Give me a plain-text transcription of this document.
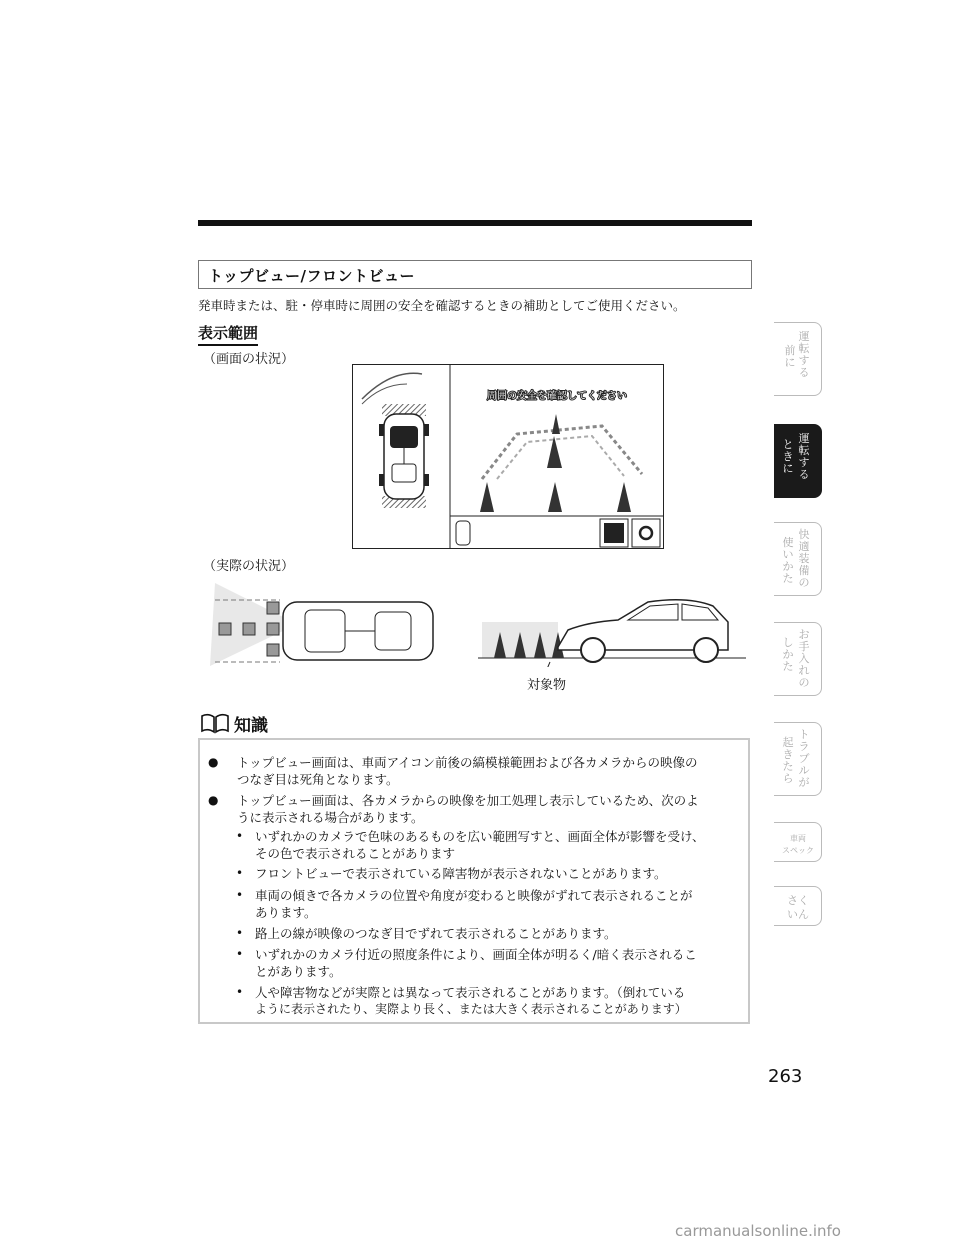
トップビュー/フロントビュー
発車時または、駐・停車時に周囲の安全を確認するときの補助としてご使用ください。
表示範囲
（画面の状況）
周囲の安全を確認してください
（実際の状況）
対象物
知識
● トップビュー画面は、車両アイコン前後の縞模様範囲および各カメラからの映像の
つなぎ目は死角となります。
● トップビュー画面は、各カメラからの映像を加工処理し表示しているため、次のよ
うに表示される場合があります。
• いずれかのカメラで色味のあるものを広い範囲写すと、画面全体が影響を受け、
その色で表示されることがあります
• フロントビューで表示されている障害物が表示されないことがあります。
• 車両の傾きで各カメラの位置や角度が変わると映像がずれて表示されることが
あります。
• 路上の線が映像のつなぎ目でずれて表示されることがあります。
• いずれかのカメラ付近の照度条件により、画面全体が明るく/暗く表示されるこ
とがあります。
• 人や障害物などが実際とは異なって表示されることがあります。（倒れている
ように表示されたり、実際より長く、または大きく表示されることがあります）
運転
する
前に
運転
する
ときに
快適
装備
の
使い
かた
お手
入れ
の
しか
た
トラ
ブル
が
起き
たら
車両
スペック
さく
いん
263
carmanualsonline.info
